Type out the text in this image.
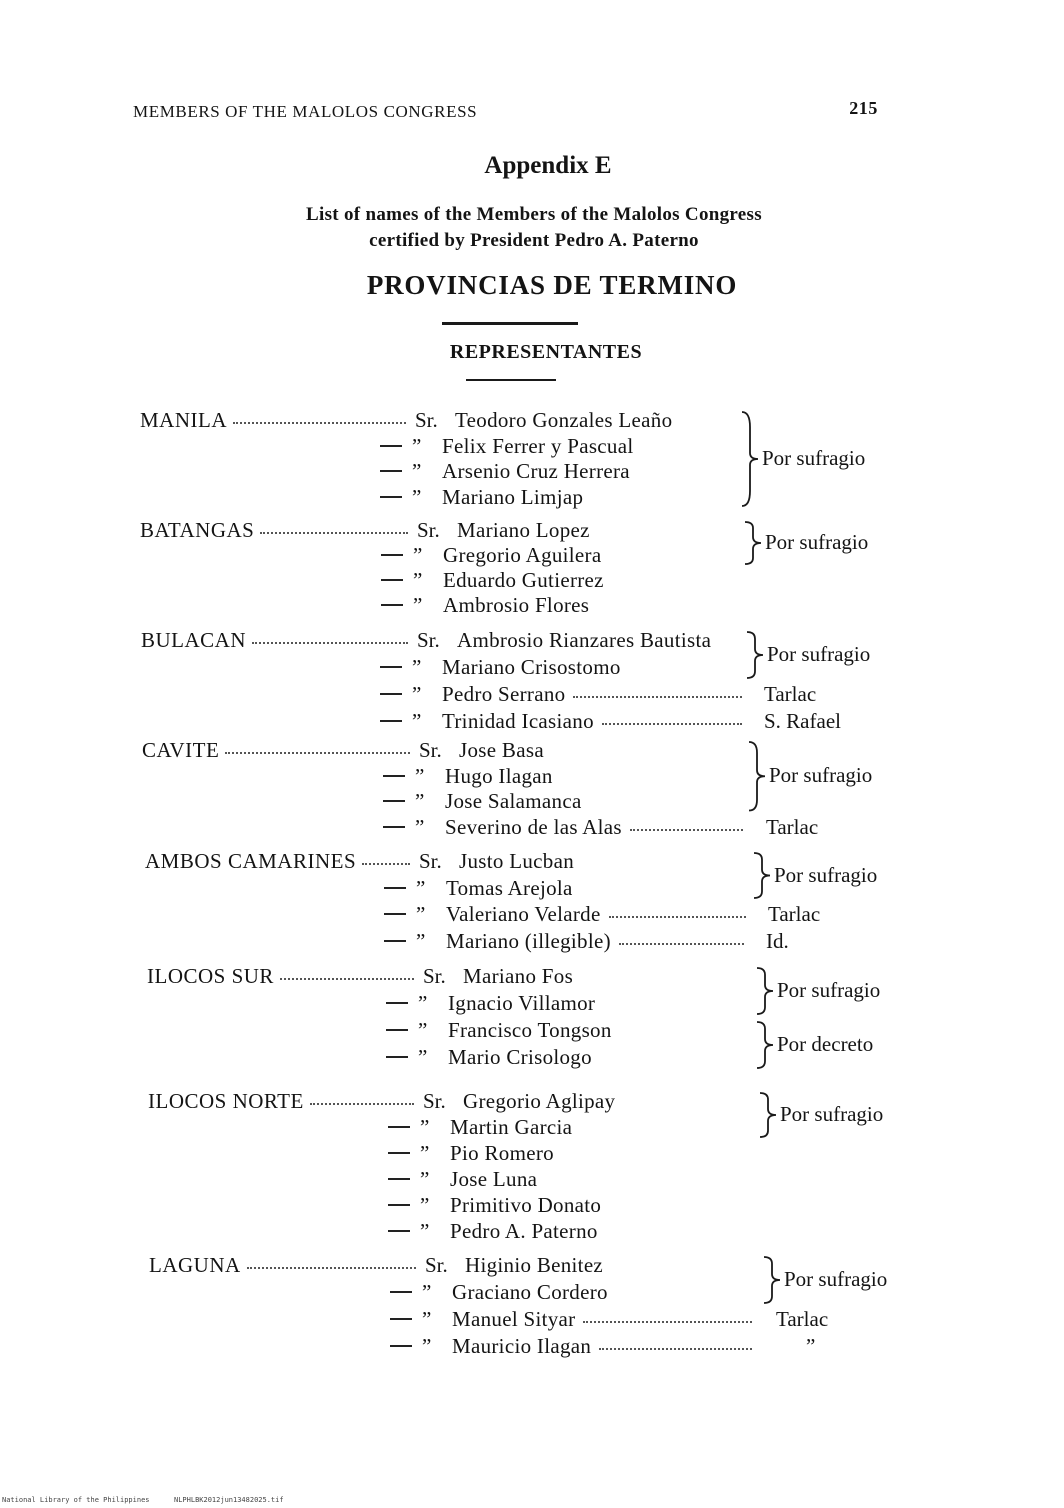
MEMBERS OF THE MALOLOS CONGRESS	215
Appendix E
List of names of the Members of the Malolos Congress
certified by President Pedro A. Paterno
PROVINCIAS DE TERMINO
REPRESENTANTES
MANILA	Sr. Teodoro Gonzales Leaño
” Felix Ferrer y Pascual
” Arsenio Cruz Herrera
” Mariano Limjap
Por sufragio
BATANGAS	Sr. Mariano Lopez
” Gregorio Aguilera
” Eduardo Gutierrez
” Ambrosio Flores
Por sufragio
BULACAN	Sr. Ambrosio Rianzares Bautista
” Mariano Crisostomo
” Pedro Serrano	Tarlac
” Trinidad Icasiano	S. Rafael
Por sufragio
CAVITE	Sr. Jose Basa
” Hugo Ilagan
” Jose Salamanca
” Severino de las Alas	Tarlac
Por sufragio
AMBOS CAMARINES	Sr. Justo Lucban
” Tomas Arejola
” Valeriano Velarde	Tarlac
” Mariano (illegible)	Id.
Por sufragio
ILOCOS SUR	Sr. Mariano Fos
” Ignacio Villamor
” Francisco Tongson
” Mario Crisologo
Por sufragio
Por decreto
ILOCOS NORTE	Sr. Gregorio Aglipay
” Martin Garcia
” Pio Romero
” Jose Luna
” Primitivo Donato
” Pedro A. Paterno
Por sufragio
LAGUNA	Sr. Higinio Benitez
” Graciano Cordero
” Manuel Sityar	Tarlac
” Mauricio Ilagan	”
Por sufragio
National Library of the Philippines	NLPHLBK2012jun13482025.tif
